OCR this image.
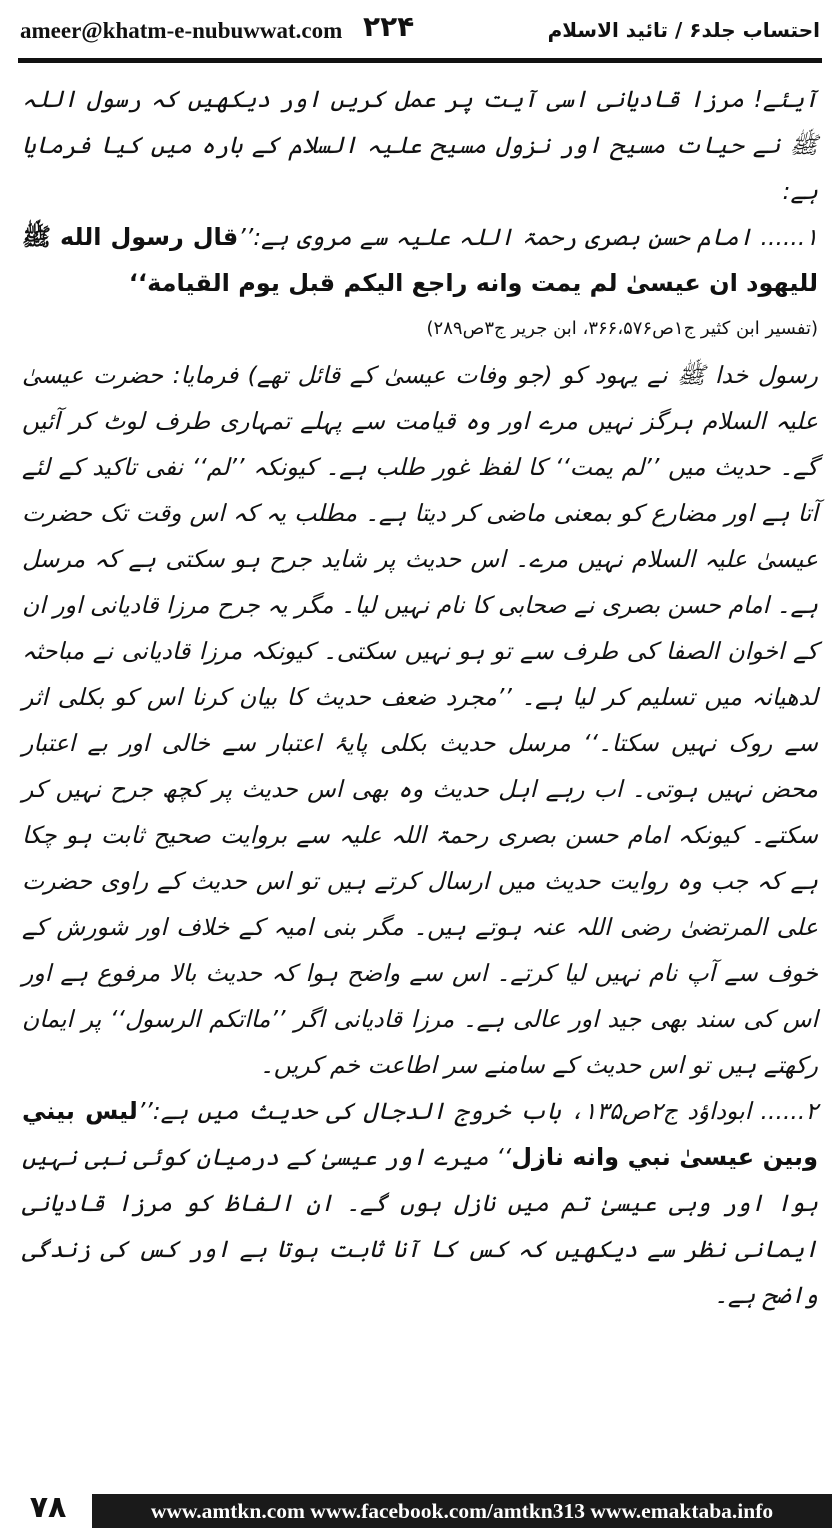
ameer@khatm-e-nubuwwat.com ۲۲۴	احتساب جلد۶ / تائید الاسلام

آیئے! مرزا قادیانی اسی آیت پر عمل کریں اور دیکھیں کہ رسول اللہ ﷺ نے حیات مسیح اور نزول مسیح علیہ السلام کے بارہ میں کیا فرمایا ہے:

۱...... امام حسن بصری رحمۃ اللہ علیہ سے مروی ہے:’’قال رسول الله ﷺ لليهود ان عيسىٰ لم يمت وانه راجع اليكم قبل يوم القيامة‘‘

(تفسیر ابن کثیر ج۱ص۳۶۶،۵۷۶، ابن جریر ج۳ص۲۸۹)

رسول خدا ﷺ نے یہود کو (جو وفات عیسیٰ کے قائل تھے) فرمایا: حضرت عیسیٰ علیہ السلام ہرگز نہیں مرے اور وہ قیامت سے پہلے تمہاری طرف لوٹ کر آئیں گے۔ حدیث میں ’’لم یمت‘‘ کا لفظ غور طلب ہے۔ کیونکہ ’’لم‘‘ نفی تاکید کے لئے آتا ہے اور مضارع کو بمعنی ماضی کر دیتا ہے۔ مطلب یہ کہ اس وقت تک حضرت عیسیٰ علیہ السلام نہیں مرے۔ اس حدیث پر شاید جرح ہو سکتی ہے کہ مرسل ہے۔ امام حسن بصری نے صحابی کا نام نہیں لیا۔ مگر یہ جرح مرزا قادیانی اور ان کے اخوان الصفا کی طرف سے تو ہو نہیں سکتی۔ کیونکہ مرزا قادیانی نے مباحثہ لدھیانہ میں تسلیم کر لیا ہے۔ ’’مجرد ضعف حدیث کا بیان کرنا اس کو بکلی اثر سے روک نہیں سکتا۔‘‘ مرسل حدیث بکلی پایۂ اعتبار سے خالی اور بے اعتبار محض نہیں ہوتی۔ اب رہے اہل حدیث وہ بھی اس حدیث پر کچھ جرح نہیں کر سکتے۔ کیونکہ امام حسن بصری رحمۃ اللہ علیہ سے بروایت صحیح ثابت ہو چکا ہے کہ جب وہ روایت حدیث میں ارسال کرتے ہیں تو اس حدیث کے راوی حضرت علی المرتضیٰ رضی اللہ عنہ ہوتے ہیں۔ مگر بنی امیہ کے خلاف اور شورش کے خوف سے آپ نام نہیں لیا کرتے۔ اس سے واضح ہوا کہ حدیث بالا مرفوع ہے اور اس کی سند بھی جید اور عالی ہے۔ مرزا قادیانی اگر ’’مااتکم الرسول‘‘ پر ایمان رکھتے ہیں تو اس حدیث کے سامنے سر اطاعت خم کریں۔

۲...... ابوداؤد ج۲ص۱۳۵، باب خروج الدجال کی حدیث میں ہے:’’ليس بيني وبين عيسىٰ نبي وانه نازل‘‘ میرے اور عیسیٰ کے درمیان کوئی نبی نہیں ہوا اور وہی عیسیٰ تم میں نازل ہوں گے۔ ان الفاظ کو مرزا قادیانی ایمانی نظر سے دیکھیں کہ کس کا آنا ثابت ہوتا ہے اور کس کی زندگی واضح ہے۔

۷۸	www.amtkn.com www.facebook.com/amtkn313 www.emaktaba.info
